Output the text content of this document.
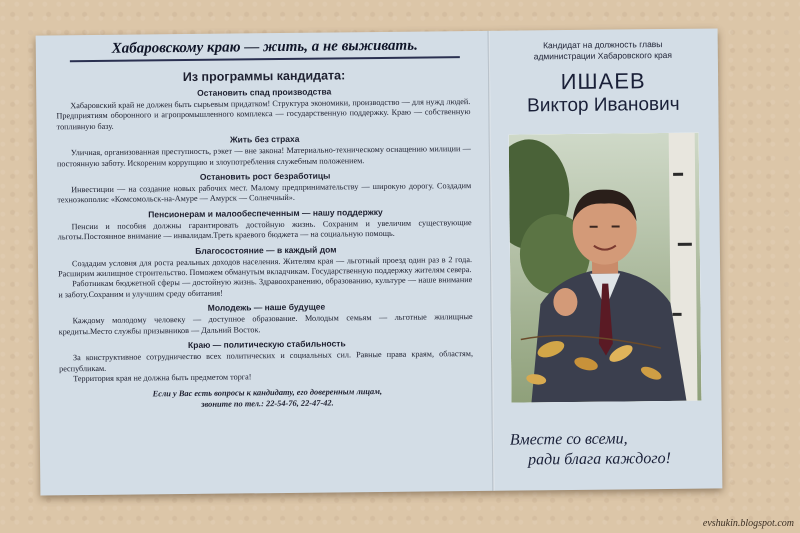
Хабаровскому краю — жить, а не выживать.
Из программы кандидата:
Остановить спад производства

Хабаровский край не должен быть сырьевым придатком! Структура экономики, производство — для нужд людей. Предприятиям оборонного и агропромышленного комплекса — государственную поддержку. Краю — собственную топливную базу.

Жить без страха

Уличная, организованная преступность, рэкет — вне закона! Материально-техническому оснащению милиции — постоянную заботу. Искореним коррупцию и злоупотребления служебным положением.

Остановить рост безработицы

Инвестиции — на создание новых рабочих мест. Малому предпринимательству — широкую дорогу. Создадим техноэкополис «Комсомольск-на-Амуре — Амурск — Солнечный».

Пенсионерам и малообеспеченным — нашу поддержку

Пенсии и пособия должны гарантировать достойную жизнь. Сохраним и увеличим существующие льготы.Постоянное внимание — инвалидам.Треть краевого бюджета — на социальную помощь.

Благосостояние — в каждый дом

Создадим условия для роста реальных доходов населения. Жителям края — льготный проезд один раз в 2 года. Расширим жилищное строительство. Поможем обманутым вкладчикам. Государственную поддержку жителям севера.

Работникам бюджетной сферы — достойную жизнь. Здравоохранению, образованию, культуре — наше внимание и заботу.Сохраним и улучшим среду обитания!

Молодежь — наше будущее

Каждому молодому человеку — доступное образование. Молодым семьям — льготные жилищные кредиты.Место службы призывников — Дальний Восток.

Краю — политическую стабильность

За конструктивное сотрудничество всех политических и социальных сил. Равные права краям, областям, республикам.

Территория края не должна быть предметом торга!

Если у Вас есть вопросы к кандидату, его доверенным лицам,
звоните по тел.: 22-54-76, 22-47-42.
Кандидат на должность главы
администрации Хабаровского края
ИШАЕВ
Виктор Иванович
Вместе со всеми,
ради блага каждого!
evshukin.blogspot.com
